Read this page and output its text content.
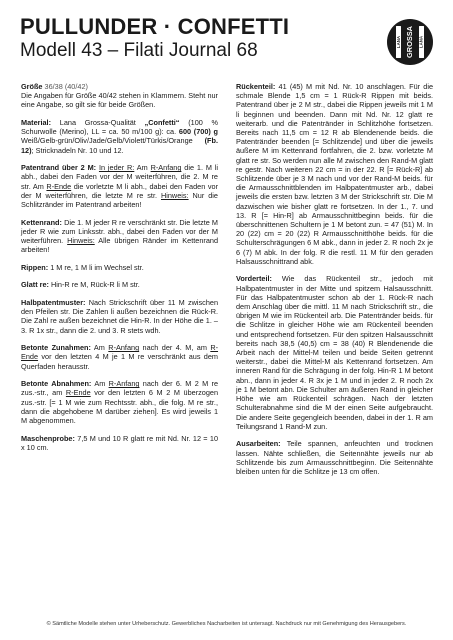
PULLUNDER · CONFETTI
Modell 43 – Filati Journal 68	LANA GROSSA LANA

Größe 36/38 (40/42)
Die Angaben für Größe 40/42 stehen in Klammern. Steht nur eine Angabe, so gilt sie für beide Größen.

Material: Lana Grossa-Qualität „Confetti“ (100 % Schurwolle (Merino), LL = ca. 50 m/100 g): ca. 600 (700) g Weiß/Gelb-grün/Oliv/Jade/Gelb/Violett/Türkis/Orange (Fb. 12); Stricknadeln Nr. 10 und 12.

Patentrand über 2 M: In jeder R: Am R-Anfang die 1. M li abh., dabei den Faden vor der M weiterführen, die 2. M re str. Am R-Ende die vorletzte M li abh., dabei den Faden vor der M weiterführen, die letzte M re str. Hinweis: Nur die Schlitzränder im Patentrand arbeiten!

Kettenrand: Die 1. M jeder R re verschränkt str. Die letzte M jeder R wie zum Linksstr. abh., dabei den Faden vor der M weiterführen. Hinweis: Alle übrigen Ränder im Kettenrand arbeiten!

Rippen: 1 M re, 1 M li im Wechsel str.

Glatt re: Hin-R re M, Rück-R li M str.

Halbpatentmuster: Nach Strickschrift über 11 M zwischen den Pfeilen str. Die Zahlen li außen bezeichnen die Rück-R. Die Zahl re außen bezeichnet die Hin-R. In der Höhe die 1. – 3. R 1x str., dann die 2. und 3. R stets wdh.

Betonte Zunahmen: Am R-Anfang nach der 4. M, am R-Ende vor den letzten 4 M je 1 M re verschränkt aus dem Querfaden herausstr.

Betonte Abnahmen: Am R-Anfang nach der 6. M 2 M re zus.-str., am R-Ende vor den letzten 6 M 2 M überzogen zus.-str. [= 1 M wie zum Rechtsstr. abh., die folg. M re str., dann die abgehobene M darüber ziehen]. Es wird jeweils 1 M abgenommen.

Maschenprobe: 7,5 M und 10 R glatt re mit Nd. Nr. 12 = 10 x 10 cm.

Rückenteil: 41 (45) M mit Nd. Nr. 10 anschlagen. Für die schmale Blende 1,5 cm = 1 Rück-R Rippen mit beids. Patentrand über je 2 M str., dabei die Rippen jeweils mit 1 M li beginnen und beenden. Dann mit Nd. Nr. 12 glatt re weiterarb. und die Patentränder in Schlitzhöhe fortsetzen. Bereits nach 11,5 cm = 12 R ab Blendenende beids. die Patentränder beenden [= Schlitzende] und über die jeweils äußere M im Kettenrand fortfahren, die 2. bzw. vorletzte M glatt re str. So werden nun alle M zwischen den Rand-M glatt re gestr. Nach weiteren 22 cm = in der 22. R [= Rück-R] ab Schlitzende über je 3 M nach und vor der Rand-M beids. für die Armausschnittblenden im Halbpatentmuster arb., dabei jeweils die ersten bzw. letzten 3 M der Strickschrift str. Die M dazwischen wie bisher glatt re fortsetzen. In der 1., 7. und 13. R [= Hin-R] ab Armausschnittbeginn beids. für die überschnittenen Schultern je 1 M betont zun. = 47 (51) M. In 20 (22) cm = 20 (22) R Armausschnitthöhe beids. für die Schulterschrägungen 6 M abk., dann in jeder 2. R noch 2x je 6 (7) M abk. In der folg. R die restl. 11 M für den geraden Halsausschnittrand abk.

Vorderteil: Wie das Rückenteil str., jedoch mit Halbpatentmuster in der Mitte und spitzem Halsausschnitt. Für das Halbpatentmuster schon ab der 1. Rück-R nach dem Anschlag über die mittl. 11 M nach Strickschrift str., die übrigen M wie im Rückenteil arb. Die Patentränder beids. für die Schlitze in gleicher Höhe wie am Rückenteil beenden und entsprechend fortsetzen. Für den spitzen Halsausschnitt bereits nach 38,5 (40,5) cm = 38 (40) R Blendenende die Arbeit nach der Mittel-M teilen und beide Seiten getrennt weiterstr., dabei die Mittel-M als Kettenrand fortsetzen. Am inneren Rand für die Schrägung in der folg. Hin-R 1 M betont abn., dann in jeder 4. R 3x je 1 M und in jeder 2. R noch 2x je 1 M betont abn. Die Schulter am äußeren Rand in gleicher Höhe wie am Rückenteil schrägen. Nach der letzten Schulterabnahme sind die M der einen Seite aufgebraucht. Die andere Seite gegengleich beenden, dabei in der 1. R am Teilungsrand 1 Rand-M zun.

Ausarbeiten: Teile spannen, anfeuchten und trocknen lassen. Nähte schließen, die Seitennähte jeweils nur ab Schlitzende bis zum Armausschnittbeginn. Die Seitennähte bleiben unten für die Schlitze je 13 cm offen.

© Sämtliche Modelle stehen unter Urheberschutz. Gewerbliches Nacharbeiten ist untersagt. Nachdruck nur mit Genehmigung des Herausgebers.
